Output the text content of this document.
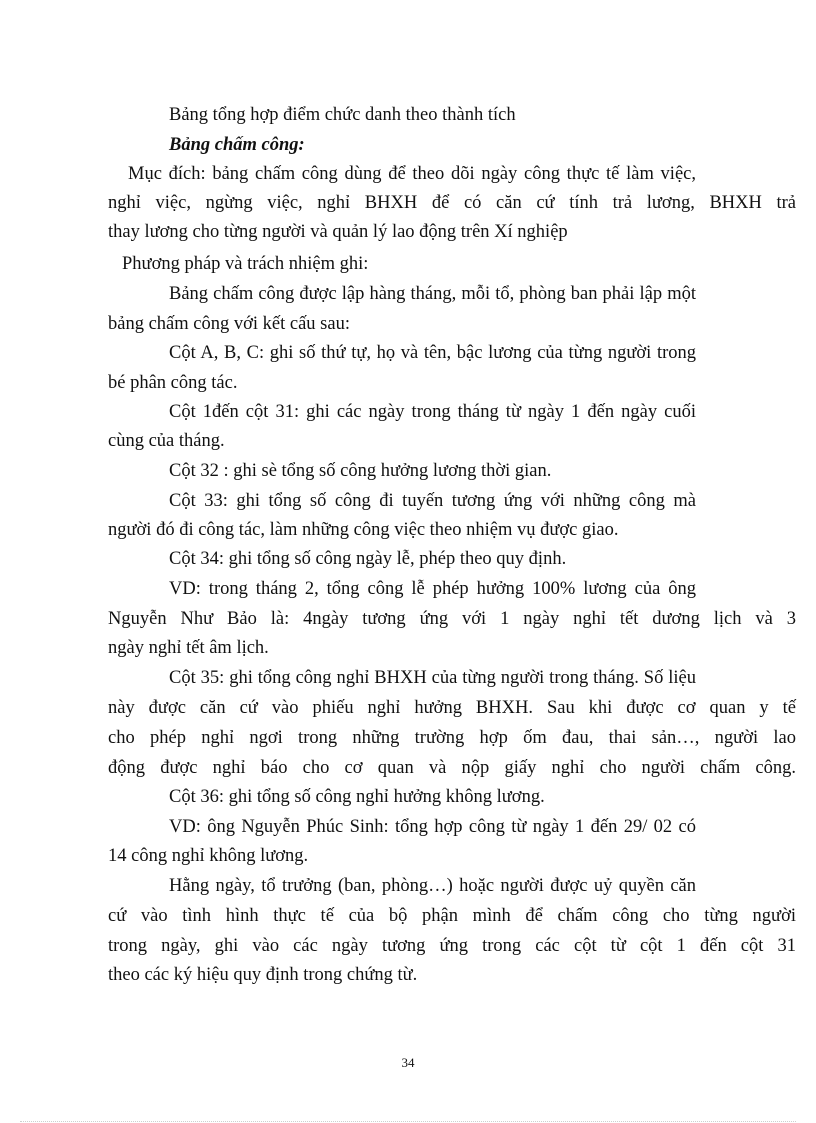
Bảng tổng hợp điểm chức danh theo thành tích
Bảng chấm công:
Mục đích: bảng chấm công dùng để theo dõi ngày công thực tế làm việc,
nghỉ việc, ngừng việc, nghỉ BHXH để có căn cứ tính trả lương, BHXH trả
thay lương cho từng người và quản lý lao động trên Xí nghiệp
Phương pháp và trách nhiệm ghi:
Bảng chấm công được lập hàng tháng, mỗi tổ, phòng ban phải lập một
bảng chấm công với kết cấu sau:
Cột A, B, C: ghi số thứ tự, họ và tên, bậc lương của từng người trong
bé phân công tác.
Cột 1đến cột 31: ghi các ngày trong tháng từ ngày 1 đến ngày cuối
cùng của tháng.
Cột 32 : ghi sè tổng số công hưởng lương thời gian.
Cột 33: ghi tổng số công đi tuyến tương ứng với những công mà
người đó đi công tác, làm những công việc theo nhiệm vụ được giao.
Cột 34: ghi tổng số công ngày lễ, phép theo quy định.
VD: trong tháng 2, tổng công lễ phép hưởng 100% lương của ông
Nguyễn Như Bảo là: 4ngày tương ứng với 1 ngày nghỉ tết dương lịch và 3
ngày nghỉ tết âm lịch.
Cột 35: ghi tổng công nghỉ BHXH của từng người trong tháng. Số liệu
này được căn cứ vào phiếu nghỉ hưởng BHXH. Sau khi được cơ quan y tế
cho phép nghỉ ngơi trong những trường hợp ốm đau, thai sản…, người lao
động được nghỉ báo cho cơ quan và nộp giấy nghỉ cho người chấm công.
Cột 36: ghi tổng số công nghỉ hưởng không lương.
VD: ông Nguyễn Phúc Sinh: tổng hợp công từ ngày 1 đến 29/ 02 có
14 công nghỉ không lương.
Hằng ngày, tổ trưởng (ban, phòng…) hoặc người được uỷ quyền căn
cứ vào tình hình thực tế của bộ phận mình để chấm công cho từng người
trong ngày, ghi vào các ngày tương ứng trong các cột từ cột 1 đến cột 31
theo các ký hiệu quy định trong chứng từ.
34
